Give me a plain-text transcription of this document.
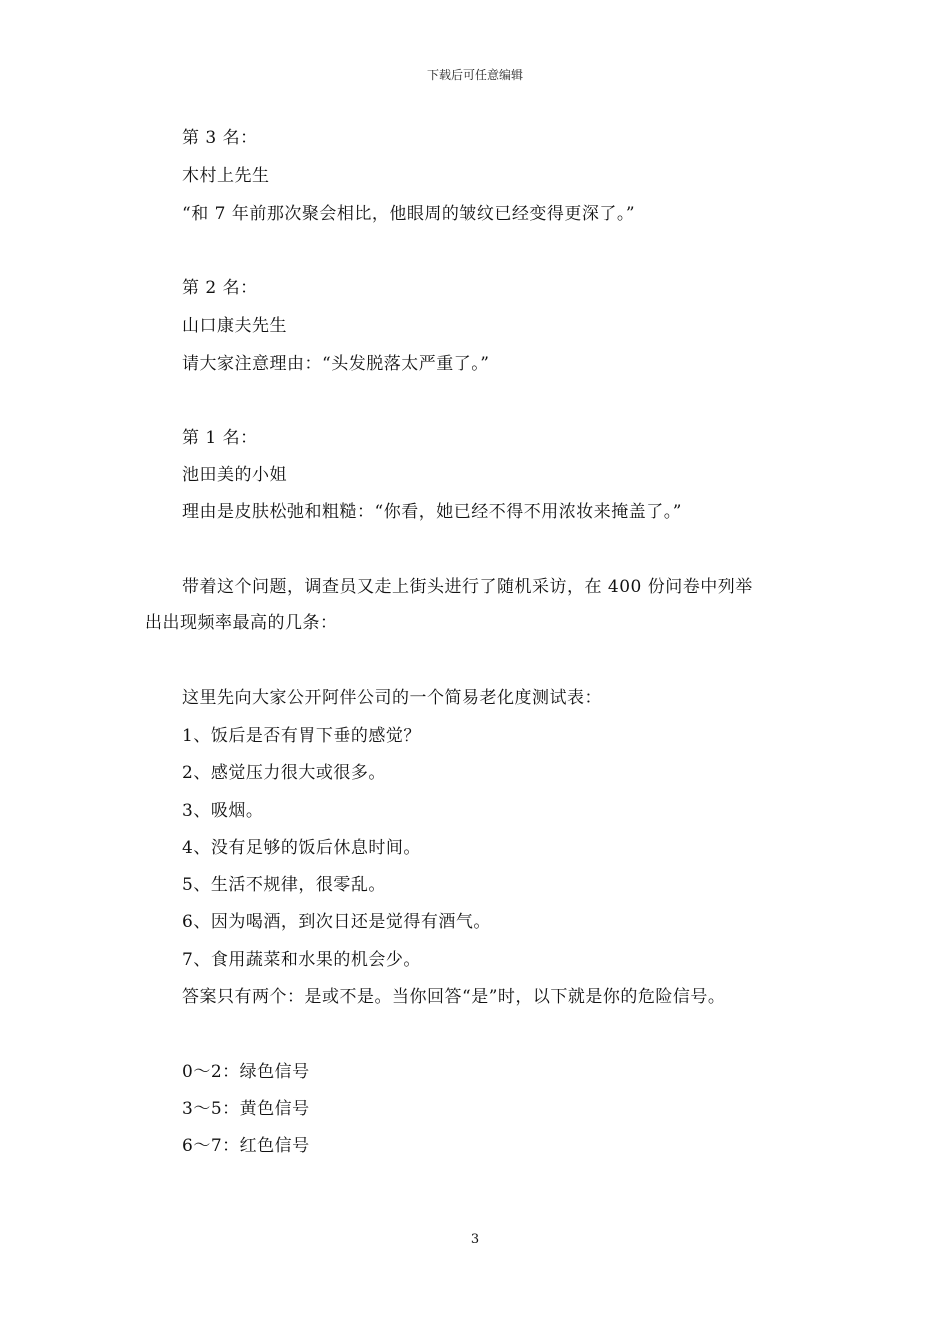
下载后可任意编辑
第 3 名：
木村上先生
“和 7 年前那次聚会相比，他眼周的皱纹已经变得更深了。”
第 2 名：
山口康夫先生
请大家注意理由：“头发脱落太严重了。”
第 1 名：
池田美的小姐
理由是皮肤松弛和粗糙：“你看，她已经不得不用浓妆来掩盖了。”
带着这个问题，调查员又走上街头进行了随机采访，在 400 份问卷中列举
出出现频率最高的几条：
这里先向大家公开阿伴公司的一个简易老化度测试表：
1、饭后是否有胃下垂的感觉？
2、感觉压力很大或很多。
3、吸烟。
4、没有足够的饭后休息时间。
5、生活不规律，很零乱。
6、因为喝酒，到次日还是觉得有酒气。
7、食用蔬菜和水果的机会少。
答案只有两个：是或不是。当你回答“是”时，以下就是你的危险信号。
0～2：绿色信号
3～5：黄色信号
6～7：红色信号
3
